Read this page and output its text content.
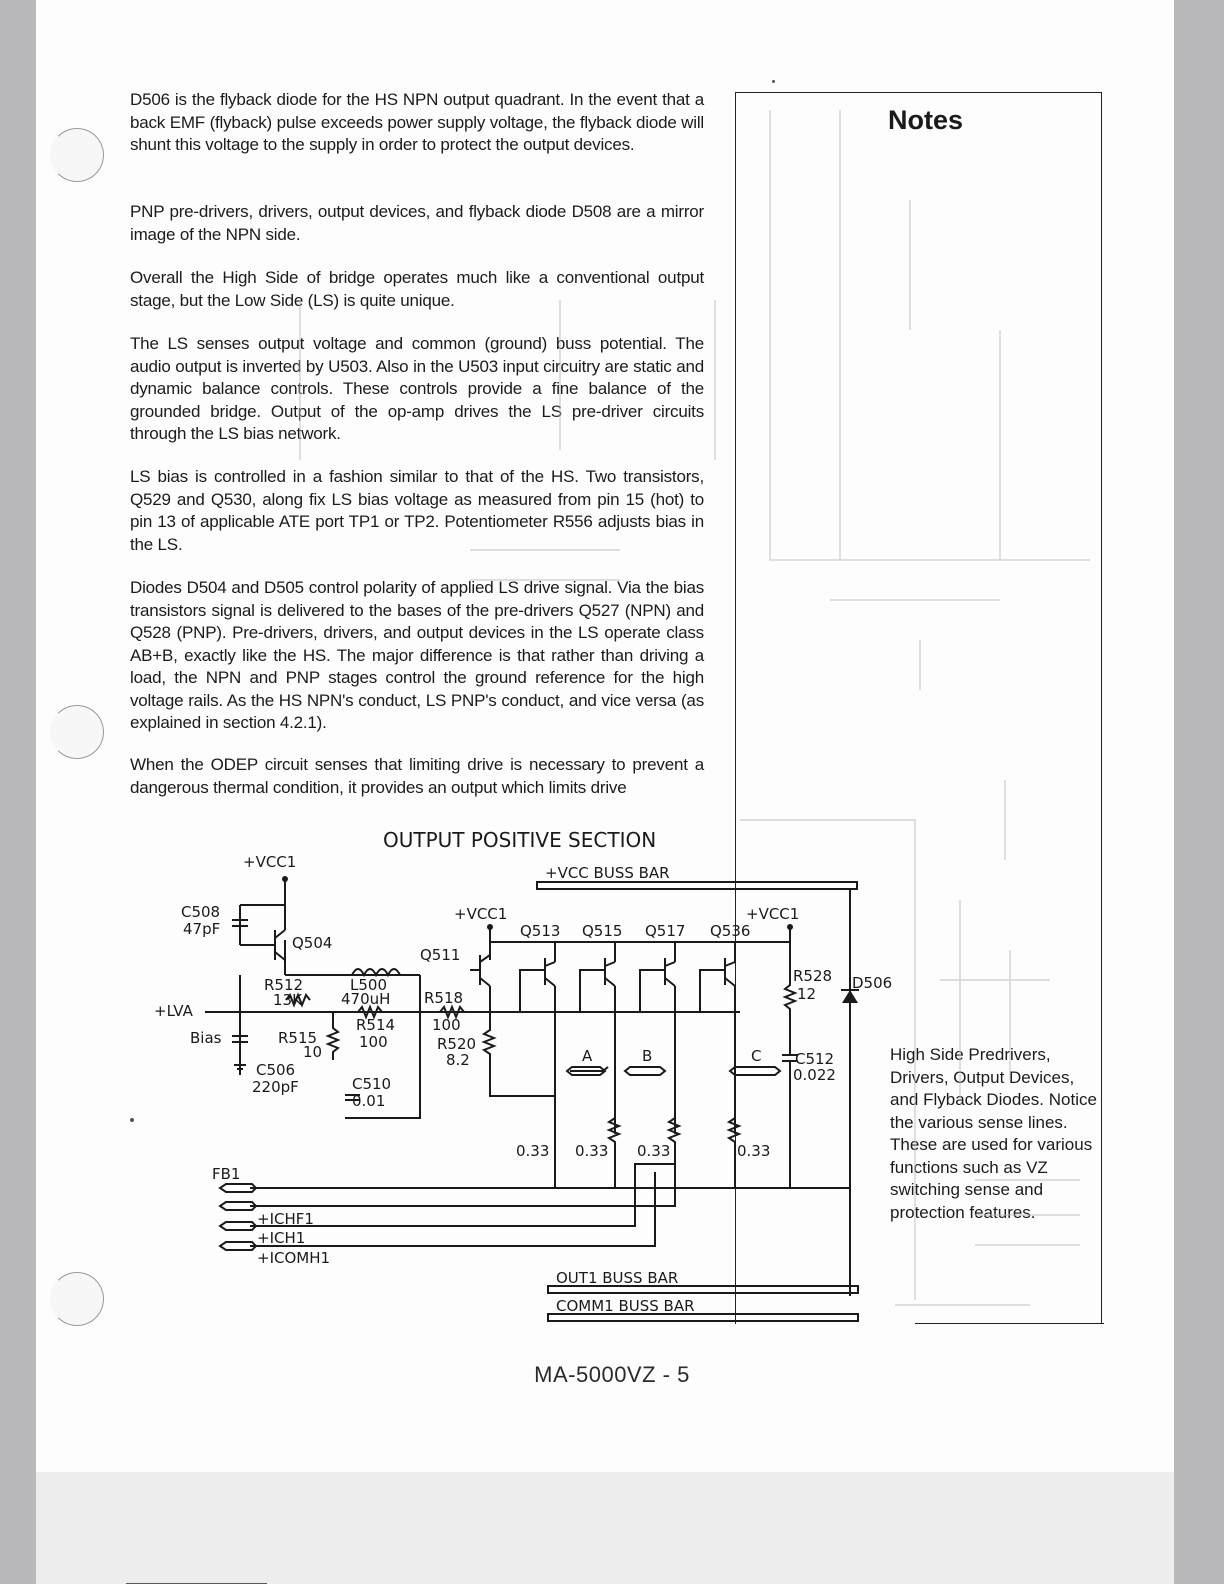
Notes

D506 is the flyback diode for the HS NPN output quadrant. In the event that a back EMF (flyback) pulse exceeds power supply voltage, the flyback diode will shunt this voltage to the supply in order to protect the output devices.

PNP pre-drivers, drivers, output devices, and flyback diode D508 are a mirror image of the NPN side.

Overall the High Side of bridge operates much like a conventional output stage, but the Low Side (LS) is quite unique.

The LS senses output voltage and common (ground) buss potential. The audio output is inverted by U503. Also in the U503 input circuitry are static and dynamic balance controls. These controls provide a fine balance of the grounded bridge. Output of the op-amp drives the LS pre-driver circuits through the LS bias network.

LS bias is controlled in a fashion similar to that of the HS. Two transistors, Q529 and Q530, along fix LS bias voltage as measured from pin 15 (hot) to pin 13 of applicable ATE port TP1 or TP2. Potentiometer R556 adjusts bias in the LS.

Diodes D504 and D505 control polarity of applied LS drive signal. Via the bias transistors signal is delivered to the bases of the pre-drivers Q527 (NPN) and Q528 (PNP). Pre-drivers, drivers, and output devices in the LS operate class AB+B, exactly like the HS. The major difference is that rather than driving a load, the NPN and PNP stages control the ground reference for the high voltage rails. As the HS NPN's conduct, LS PNP's conduct, and vice versa (as explained in section 4.2.1).

When the ODEP circuit senses that limiting drive is necessary to prevent a dangerous thermal condition, it provides an output which limits drive

High Side Predrivers, Drivers, Output Devices, and Flyback Diodes. Notice the various sense lines. These are used for various functions such as VZ switching sense and protection features.

OUTPUT POSITIVE SECTION
+VCC BUSS BAR
+VCC1
Q504
C508
47pF
+LVA
Bias
C506
220pF
R512
13K
R515
10
L500
470uH
C510
0.01
R514
100
R518
100
R520
8.2
+VCC1
Q511
Q513 Q515 Q517 Q536
0.33 0.33 0.33	0.33
A	B	C
+VCC1
R528
12
C512
0.022
D506
FB1
+ICHF1
+ICH1
+ICOMH1
OUT1 BUSS BAR
COMM1 BUSS BAR
MA-5000VZ - 5
